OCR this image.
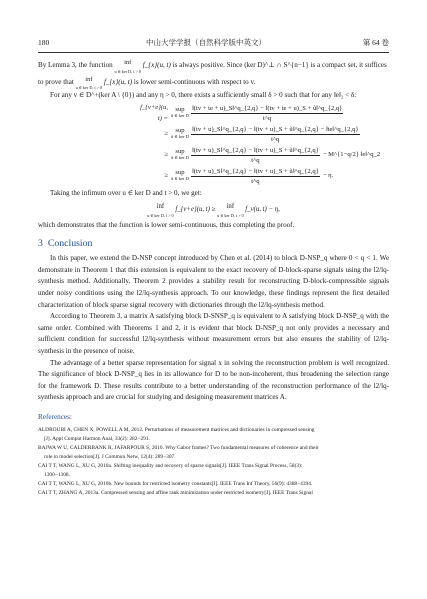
180	中山大学学报（自然科学版中英文）	第 64 卷

By Lemma 3, the function inf
u ∈ ker D, t > 0
f_{x}(u, t) is always positive. Since (ker D)^⊥ ∩ S^{n−1} is a compact set, it suffices

to prove that inf
u ∈ ker D, t > 0
f_{x}(u, t) is lower semi-continuous with respect to v.

For any v ∈ D^+(ker A \ {0}) and any η > 0, there exists a sufficiently small δ > 0 such that for any ‖e‖₂ < δ:

f_{v+e}(u, t) =
sup
ũ ∈ ker D $\frac{‖(tv + te + u)\_S‖\^{}q\_\{2,q\} - ‖(tv + te + u)\_S + ũ‖\^{}q\_\{2,q\}}{t\^{}q}$
≥	sup
ũ ∈ ker D
‖(tv + u)_S‖^q_{2,q} − ‖(tv + u)_S + ũ‖^q_{2,q} − ‖te‖^q_{2,q}
t^q
≥	sup
ũ ∈ ker D $\frac{‖(tv + u)\_S‖\^{}q\_\{2,q\} - ‖(tv + u)\_S + ũ‖\^{}q\_\{2,q\}}{t\^{}q}$ − M^{1−q/2} ‖e‖^q_2
≥	sup
ũ ∈ ker D $\frac{‖(tv + u)\_S‖\^{}q\_\{2,q\} - ‖(tv + u)\_S + ũ‖\^{}q\_\{2,q\}}{t\^{}q} - \eta$.

Taking the infimum over u ∈ ker D and t > 0, we get:

inf
u ∈ ker D, t > 0
f_{v+e}(u, t) ≥ inf
u ∈ ker D, t > 0
f_v(u, t) − η,

which demonstrates that the function is lower semi-continuous, thus completing the proof.

3 Conclusion

In this paper, we extend the D-NSP concept introduced by Chen et al. (2014) to block D-NSP_q where 0 < q < 1. We demonstrate in Theorem 1 that this extension is equivalent to the exact recovery of D-block-sparse signals using the l2/lq-synthesis method. Additionally, Theorem 2 provides a stability result for reconstructing D-block-compressible signals under noisy conditions using the l2/lq-synthesis approach. To our knowledge, these findings represent the first detailed characterization of block sparse signal recovery with dictionaries through the l2/lq-synthesis method.

According to Theorem 3, a matrix A satisfying block D-SNSP_q is equivalent to A satisfying block D-NSP_q with the same order. Combined with Theorems 1 and 2, it is evident that block D-NSP_q not only provides a necessary and sufficient condition for successful l2/lq-synthesis without measurement errors but also ensures the stability of l2/lq-synthesis in the presence of noise.

The advantage of a better sparse representation for signal x in solving the reconstruction problem is well recognized. The significance of block D-NSP_q lies in its allowance for D to be non-incoherent, thus broadening the selection range for the framework D. These results contribute to a better understanding of the reconstruction performance of the l2/lq-synthesis approach and are crucial for studying and designing measurement matrices A.

References:

ALDROUBI A, CHEN X, POWELL A M, 2012. Perturbations of measurement matrices and dictionaries in compressed sensing
[J]. Appl Comput Harmon Anal, 33(2): 282−291.

BAJWA W U, CALDERBANK R, JAFARPOUR S, 2010. Why Gabor frames? Two fundamental measures of coherence and their
role in model selection[J]. J Commun Netw, 12(4): 289−307.

CAI T T, WANG L, XU G, 2010a. Shifting inequality and recovery of sparse signals[J]. IEEE Trans Signal Process, 58(3):
1300−1308.

CAI T T, WANG L, XU G, 2010b. New bounds for restricted isometry constants[J]. IEEE Trans Inf Theory, 56(9): 4388−4394.

CAI T T, ZHANG A, 2013a. Compressed sensing and affine rank minimization under restricted isometry[J]. IEEE Trans Signal
